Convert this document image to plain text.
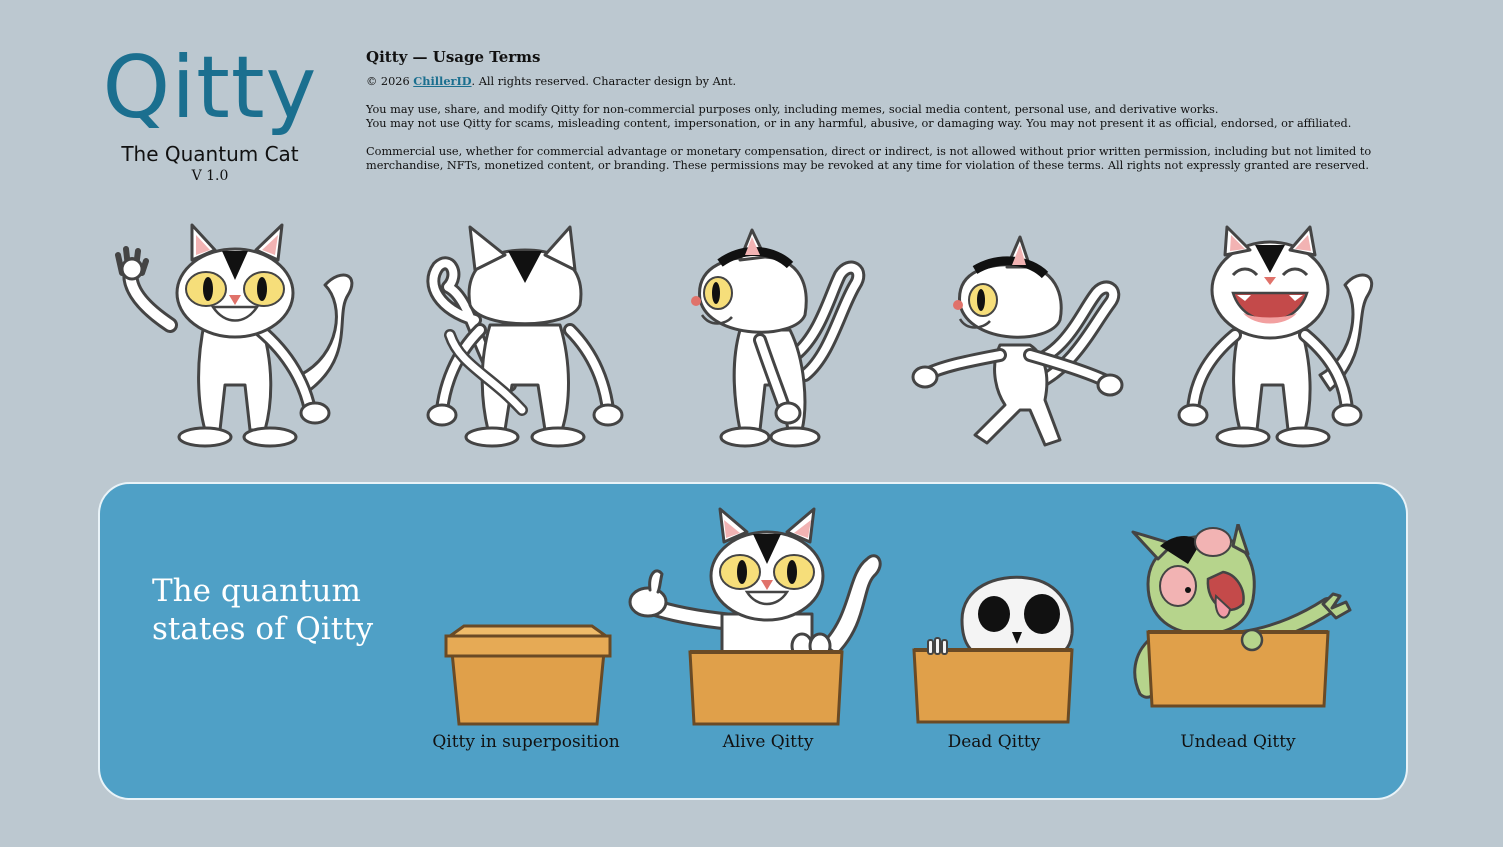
Qitty
The Quantum Cat
V 1.0
Qitty — Usage Terms

© 2026 ChillerID. All rights reserved. Character design by Ant.

You may use, share, and modify Qitty for non-commercial purposes only, including memes, social media content, personal use, and derivative works.
You may not use Qitty for scams, misleading content, impersonation, or in any harmful, abusive, or damaging way. You may not present it as official, endorsed, or affiliated.

Commercial use, whether for commercial advantage or monetary compensation, direct or indirect, is not allowed without prior written permission, including but not limited to merchandise, NFTs, monetized content, or branding. These permissions may be revoked at any time for violation of these terms. All rights not expressly granted are reserved.

The quantum states of Qitty
Qitty in superposition	Alive Qitty	Dead Qitty	Undead Qitty
